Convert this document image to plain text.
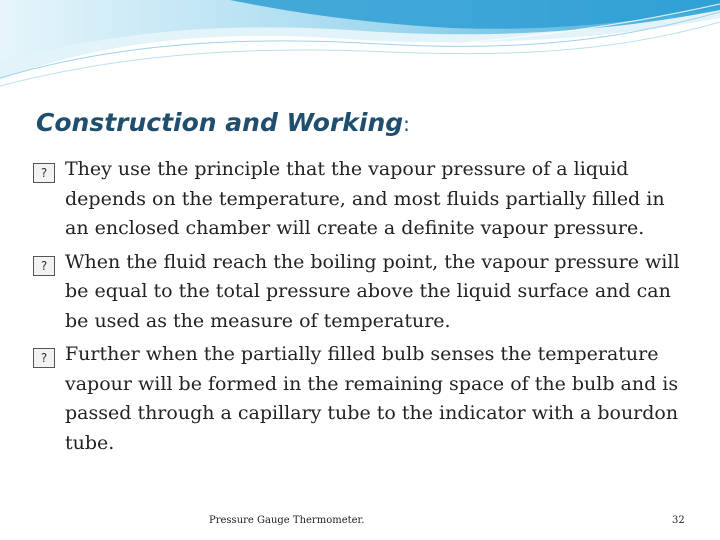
Construction and Working:

? They use the principle that the vapour pressure of a liquid depends on the temperature, and most fluids partially filled in an enclosed chamber will create a definite vapour pressure.

? When the fluid reach the boiling point, the vapour pressure will be equal to the total pressure above the liquid surface and can be used as the measure of temperature.

? Further when the partially filled bulb senses the temperature vapour will be formed in the remaining space of the bulb and is passed through a capillary tube to the indicator with a bourdon tube.

Pressure Gauge Thermometer.	32
